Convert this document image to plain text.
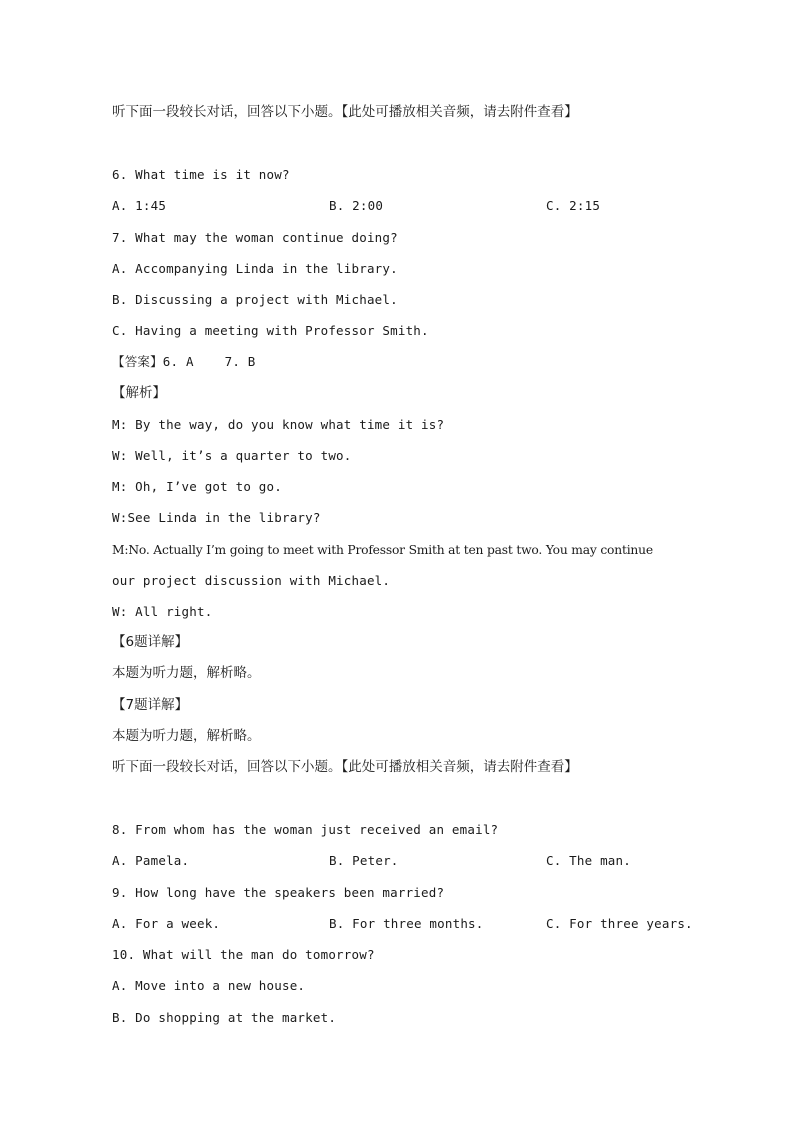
听下面一段较长对话，回答以下小题。【此处可播放相关音频，请去附件查看】
6. What time is it now?
A. 1:45	B. 2:00	C. 2:15
7. What may the woman continue doing?
A. Accompanying Linda in the library.
B. Discussing a project with Michael.
C. Having a meeting with Professor Smith.
【答案】6. A    7. B
【解析】
M: By the way, do you know what time it is?
W: Well, it’s a quarter to two.
M: Oh, I’ve got to go.
W:See Linda in the library?
M:No. Actually I’m going to meet with Professor Smith at ten past two. You may continue
our project discussion with Michael.
W: All right.
【6题详解】
本题为听力题，解析略。
【7题详解】
本题为听力题，解析略。
听下面一段较长对话，回答以下小题。【此处可播放相关音频，请去附件查看】
8. From whom has the woman just received an email?
A. Pamela.	B. Peter.	C. The man.
9. How long have the speakers been married?
A. For a week.	B. For three months.	C. For three years.
10. What will the man do tomorrow?
A. Move into a new house.
B. Do shopping at the market.
